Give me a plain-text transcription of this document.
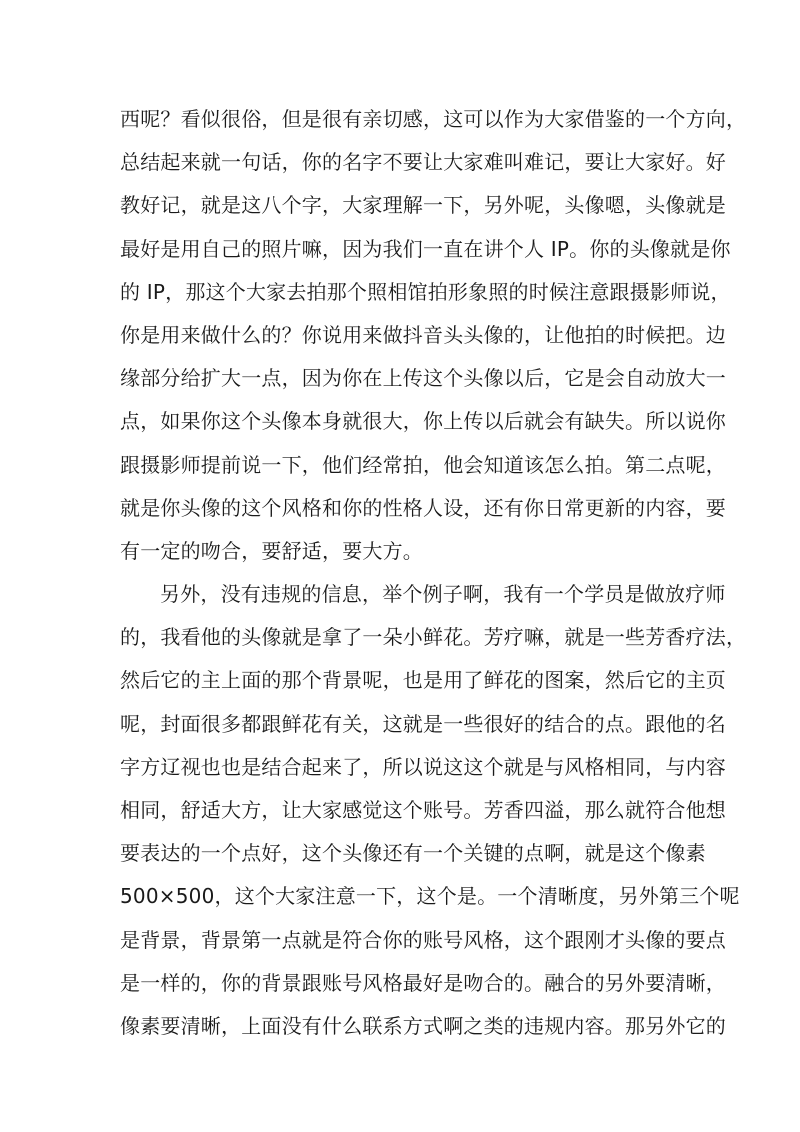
西呢？看似很俗，但是很有亲切感，这可以作为大家借鉴的一个方向，
总结起来就一句话，你的名字不要让大家难叫难记，要让大家好。好
教好记，就是这八个字，大家理解一下，另外呢，头像嗯，头像就是
最好是用自己的照片嘛，因为我们一直在讲个人 IP。你的头像就是你
的 IP，那这个大家去拍那个照相馆拍形象照的时候注意跟摄影师说，
你是用来做什么的？你说用来做抖音头头像的，让他拍的时候把。边
缘部分给扩大一点，因为你在上传这个头像以后，它是会自动放大一
点，如果你这个头像本身就很大，你上传以后就会有缺失。所以说你
跟摄影师提前说一下，他们经常拍，他会知道该怎么拍。第二点呢，
就是你头像的这个风格和你的性格人设，还有你日常更新的内容，要
有一定的吻合，要舒适，要大方。
另外，没有违规的信息，举个例子啊，我有一个学员是做放疗师
的，我看他的头像就是拿了一朵小鲜花。芳疗嘛，就是一些芳香疗法，
然后它的主上面的那个背景呢，也是用了鲜花的图案，然后它的主页
呢，封面很多都跟鲜花有关，这就是一些很好的结合的点。跟他的名
字方辽视也也是结合起来了，所以说这这个就是与风格相同，与内容
相同，舒适大方，让大家感觉这个账号。芳香四溢，那么就符合他想
要表达的一个点好，这个头像还有一个关键的点啊，就是这个像素
500×500，这个大家注意一下，这个是。一个清晰度，另外第三个呢
是背景，背景第一点就是符合你的账号风格，这个跟刚才头像的要点
是一样的，你的背景跟账号风格最好是吻合的。融合的另外要清晰，
像素要清晰，上面没有什么联系方式啊之类的违规内容。那另外它的
